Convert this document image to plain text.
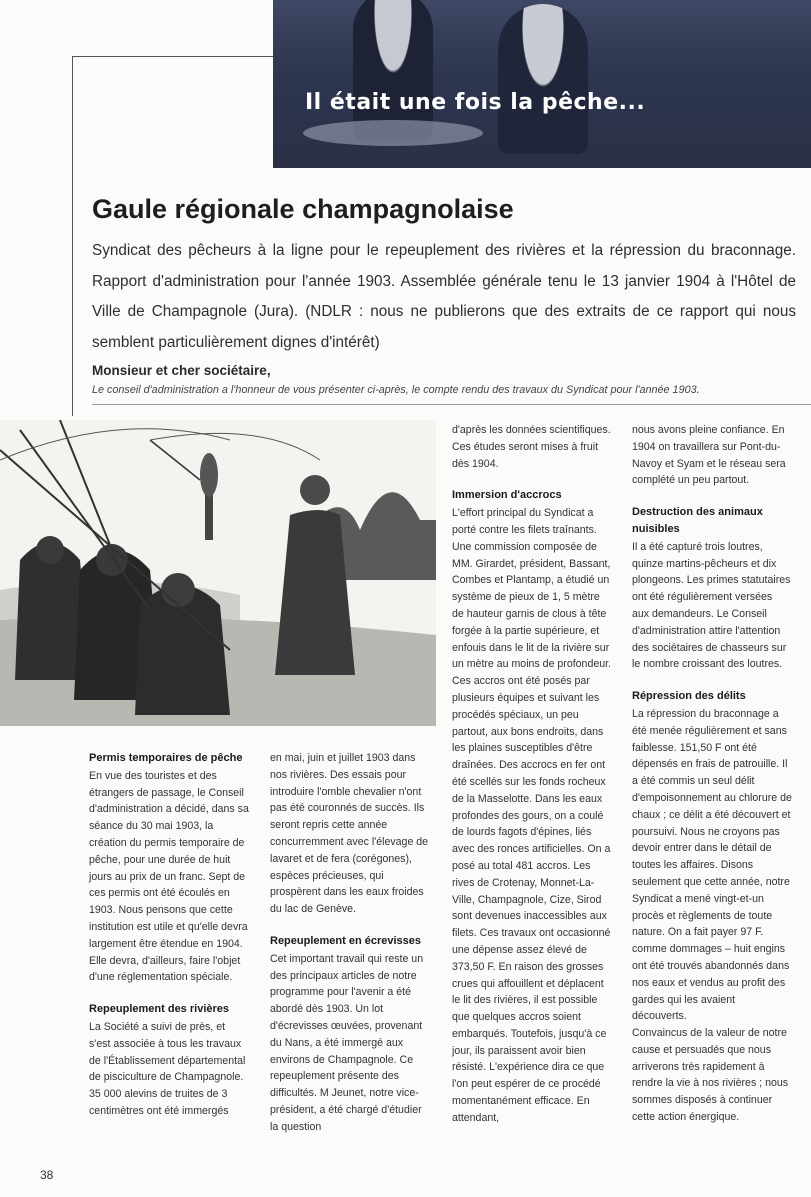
Il était une fois la pêche...
Gaule régionale champagnolaise

Syndicat des pêcheurs à la ligne pour le repeuplement des rivières et la répression du braconnage. Rapport d'administration pour l'année 1903. Assemblée générale tenu le 13 janvier 1904 à l'Hôtel de Ville de Champagnole (Jura). (NDLR : nous ne publierons que des extraits de ce rapport qui nous semblent particulièrement dignes d'intérêt)

Monsieur et cher sociétaire,
Le conseil d'administration a l'honneur de vous présenter ci-après, le compte rendu des travaux du Syndicat pour l'année 1903.
Permis temporaires de pêche

En vue des touristes et des étrangers de passage, le Conseil d'administration a décidé, dans sa séance du 30 mai 1903, la création du permis temporaire de pêche, pour une durée de huit jours au prix de un franc. Sept de ces permis ont été écoulés en 1903. Nous pensons que cette institution est utile et qu'elle devra largement être étendue en 1904. Elle devra, d'ailleurs, faire l'objet d'une réglementation spéciale.

Repeuplement des rivières

La Société a suivi de près, et s'est associée à tous les travaux de l'Établissement départemental de pisciculture de Champagnole. 35 000 alevins de truites de 3 centimètres ont été immergés

en mai, juin et juillet 1903 dans nos rivières. Des essais pour introduire l'omble chevalier n'ont pas été couronnés de succès. Ils seront repris cette année concurremment avec l'élevage de lavaret et de fera (corégones), espèces précieuses, qui prospèrent dans les eaux froides du lac de Genève.

Repeuplement en écrevisses

Cet important travail qui reste un des principaux articles de notre programme pour l'avenir a été abordé dès 1903. Un lot d'écrevisses œuvées, provenant du Nans, a été immergé aux environs de Champagnole. Ce repeuplement présente des difficultés. M Jeunet, notre vice-président, a été chargé d'étudier la question

d'après les données scientifiques. Ces études seront mises à fruit dès 1904.

Immersion d'accrocs

L'effort principal du Syndicat a porté contre les filets traînants. Une commission composée de MM. Girardet, président, Bassant, Combes et Plantamp, a étudié un système de pieux de 1, 5 mètre de hauteur garnis de clous à tête forgée à la partie supérieure, et enfouis dans le lit de la rivière sur un mètre au moins de profondeur. Ces accros ont été posés par plusieurs équipes et suivant les procédés spéciaux, un peu partout, aux bons endroits, dans les plaines susceptibles d'être draînées. Des accrocs en fer ont été scellés sur les fonds rocheux de la Masselotte. Dans les eaux profondes des gours, on a coulé de lourds fagots d'épines, liés avec des ronces artificielles. On a posé au total 481 accros. Les rives de Crotenay, Monnet-La-Ville, Champagnole, Cize, Sirod sont devenues inaccessibles aux filets. Ces travaux ont occasionné une dépense assez élevé de 373,50 F. En raison des grosses crues qui affouillent et déplacent le lit des rivières, il est possible que quelques accros soient embarqués. Toutefois, jusqu'à ce jour, ils paraissent avoir bien résisté. L'expérience dira ce que l'on peut espérer de ce procédé momentanément efficace. En attendant,

nous avons pleine confiance. En 1904 on travaillera sur Pont-du-Navoy et Syam et le réseau sera complété un peu partout.

Destruction des animaux nuisibles

Il a été capturé trois loutres, quinze martins-pêcheurs et dix plongeons. Les primes statutaires ont été régulièrement versées aux demandeurs. Le Conseil d'administration attire l'attention des sociétaires de chasseurs sur le nombre croissant des loutres.

Répression des délits

La répression du braconnage a été menée régulièrement et sans faiblesse. 151,50 F ont été dépensés en frais de patrouille. Il a été commis un seul délit d'empoisonnement au chlorure de chaux ; ce délit a été découvert et poursuivi. Nous ne croyons pas devoir entrer dans le détail de toutes les affaires. Disons seulement que cette année, notre Syndicat a mené vingt-et-un procès et règlements de toute nature. On a fait payer 97 F. comme dommages – huit engins ont été trouvés abandonnés dans nos eaux et vendus au profit des gardes qui les avaient découverts.

Convaincus de la valeur de notre cause et persuadés que nous arriverons très rapidement à rendre la vie à nos rivières ; nous sommes disposés à continuer cette action énergique.

38
